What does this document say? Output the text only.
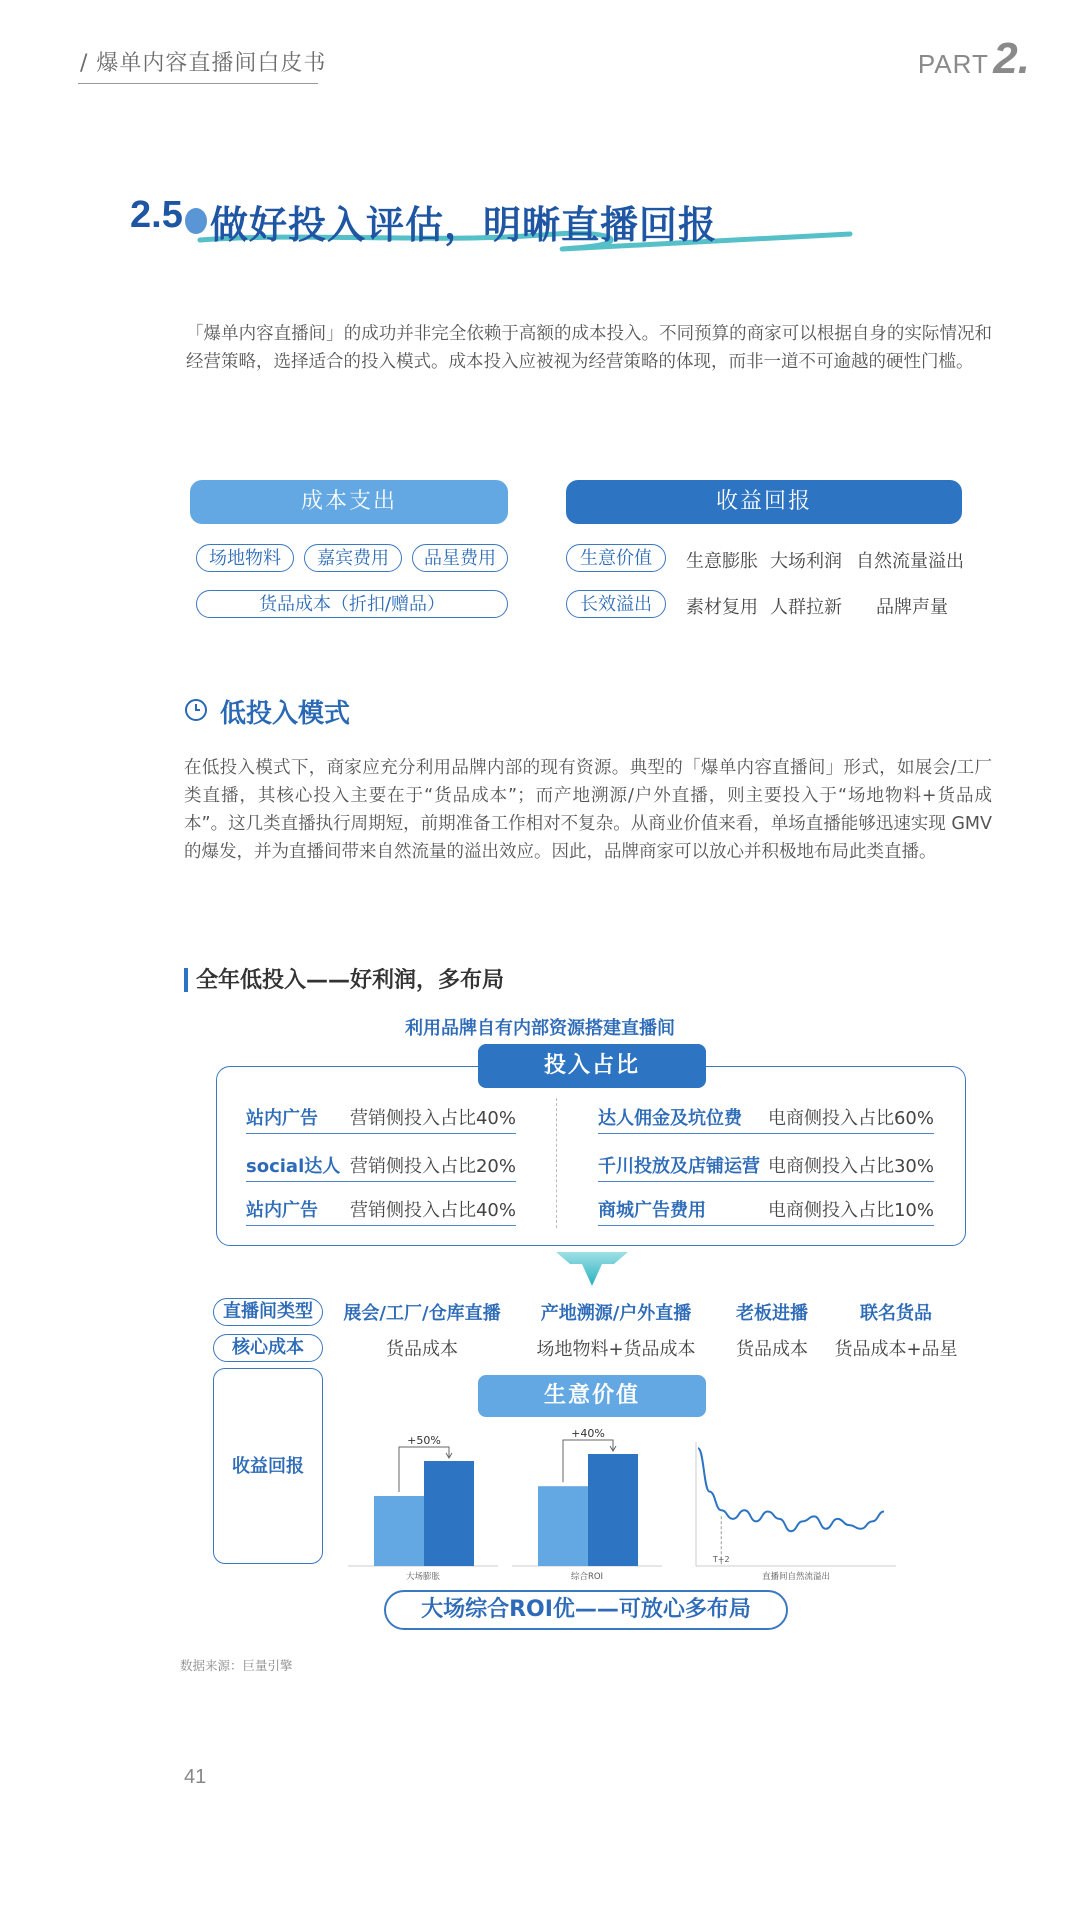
/ 爆单内容直播间白皮书	PART 2.
2.5 做好投入评估，明晰直播回报
「爆单内容直播间」的成功并非完全依赖于高额的成本投入。不同预算的商家可以根据自身的实际情况和经营策略，选择适合的投入模式。成本投入应被视为经营策略的体现，而非一道不可逾越的硬性门槛。
成本支出
场地物料	嘉宾费用	品星费用
货品成本（折扣/赠品）
收益回报
生意价值	生意膨胀 大场利润 自然流量溢出
长效溢出	素材复用 人群拉新 品牌声量
低投入模式
在低投入模式下，商家应充分利用品牌内部的现有资源。典型的「爆单内容直播间」形式，如展会/工厂类直播，其核心投入主要在于“货品成本”；而产地溯源/户外直播，则主要投入于“场地物料+货品成本”。这几类直播执行周期短，前期准备工作相对不复杂。从商业价值来看，单场直播能够迅速实现 GMV 的爆发，并为直播间带来自然流量的溢出效应。因此，品牌商家可以放心并积极地布局此类直播。
全年低投入——好利润，多布局
利用品牌自有内部资源搭建直播间
投入占比
站内广告 营销侧投入占比40%
social达人 营销侧投入占比20%
站内广告 营销侧投入占比40%
达人佣金及坑位费 电商侧投入占比60%
千川投放及店铺运营 电商侧投入占比30%
商城广告费用	电商侧投入占比10%
直播间类型	展会/工厂/仓库直播	产地溯源/户外直播	老板进播	联名货品
核心成本	货品成本	场地物料+货品成本	货品成本	货品成本+品星
收益回报
生意价值
+50%
大场膨胀
+40%
综合ROI
T+2
直播间自然流溢出
大场综合ROI优——可放心多布局
数据来源：巨量引擎
41
